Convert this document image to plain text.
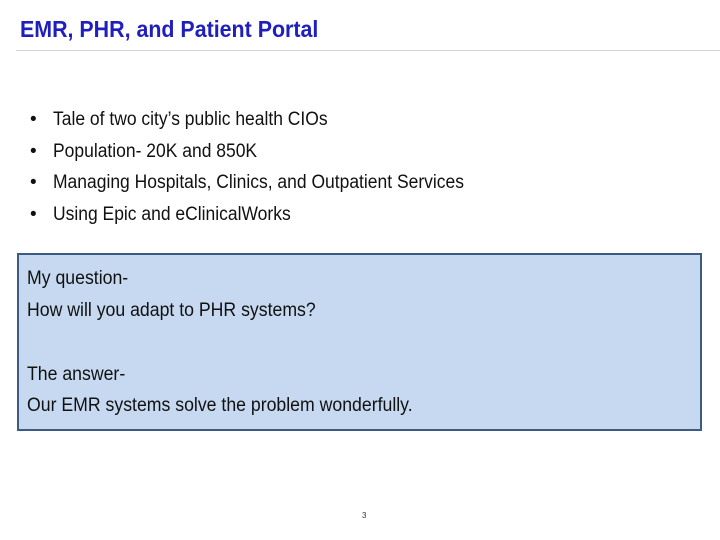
EMR, PHR, and Patient Portal
• Tale of two city’s public health CIOs
• Population- 20K and 850K
• Managing Hospitals, Clinics, and Outpatient Services
• Using Epic and eClinicalWorks
My question-
How will you adapt to PHR systems?
The answer-
Our EMR systems solve the problem wonderfully.
3
